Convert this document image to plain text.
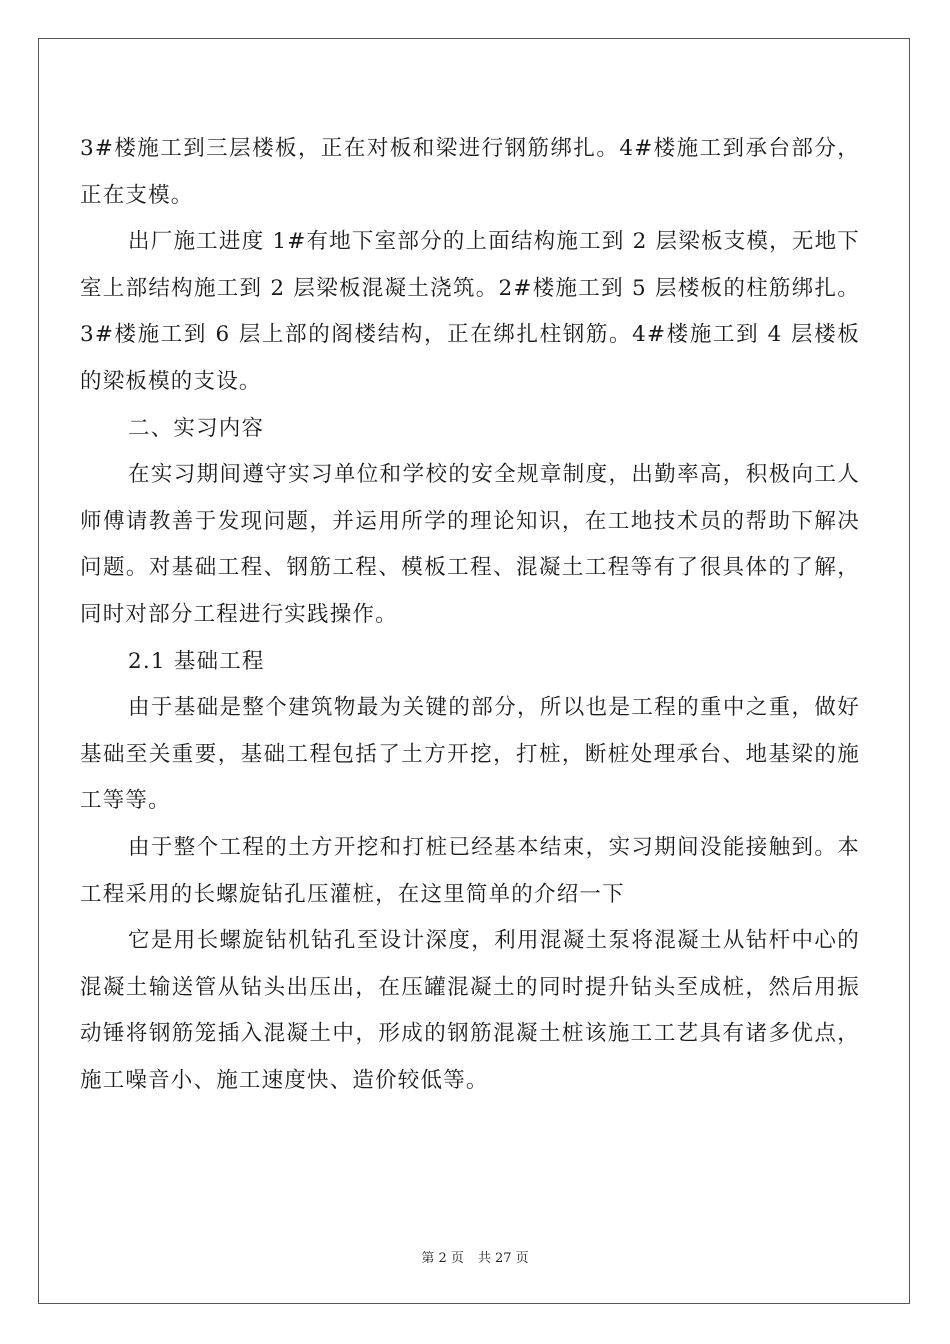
3#楼施工到三层楼板，正在对板和梁进行钢筋绑扎。4#楼施工到承台部分，正在支模。

出厂施工进度 1#有地下室部分的上面结构施工到 2 层梁板支模，无地下室上部结构施工到 2 层梁板混凝土浇筑。2#楼施工到 5 层楼板的柱筋绑扎。3#楼施工到 6 层上部的阁楼结构，正在绑扎柱钢筋。4#楼施工到 4 层楼板的梁板模的支设。

二、实习内容

在实习期间遵守实习单位和学校的安全规章制度，出勤率高，积极向工人师傅请教善于发现问题，并运用所学的理论知识，在工地技术员的帮助下解决问题。对基础工程、钢筋工程、模板工程、混凝土工程等有了很具体的了解，同时对部分工程进行实践操作。

2.1 基础工程

由于基础是整个建筑物最为关键的部分，所以也是工程的重中之重，做好基础至关重要，基础工程包括了土方开挖，打桩，断桩处理承台、地基梁的施工等等。

由于整个工程的土方开挖和打桩已经基本结束，实习期间没能接触到。本工程采用的长螺旋钻孔压灌桩，在这里简单的介绍一下

它是用长螺旋钻机钻孔至设计深度，利用混凝土泵将混凝土从钻杆中心的混凝土输送管从钻头出压出，在压罐混凝土的同时提升钻头至成桩，然后用振动锤将钢筋笼插入混凝土中，形成的钢筋混凝土桩该施工工艺具有诸多优点，施工噪音小、施工速度快、造价较低等。

第 2 页 共 27 页
